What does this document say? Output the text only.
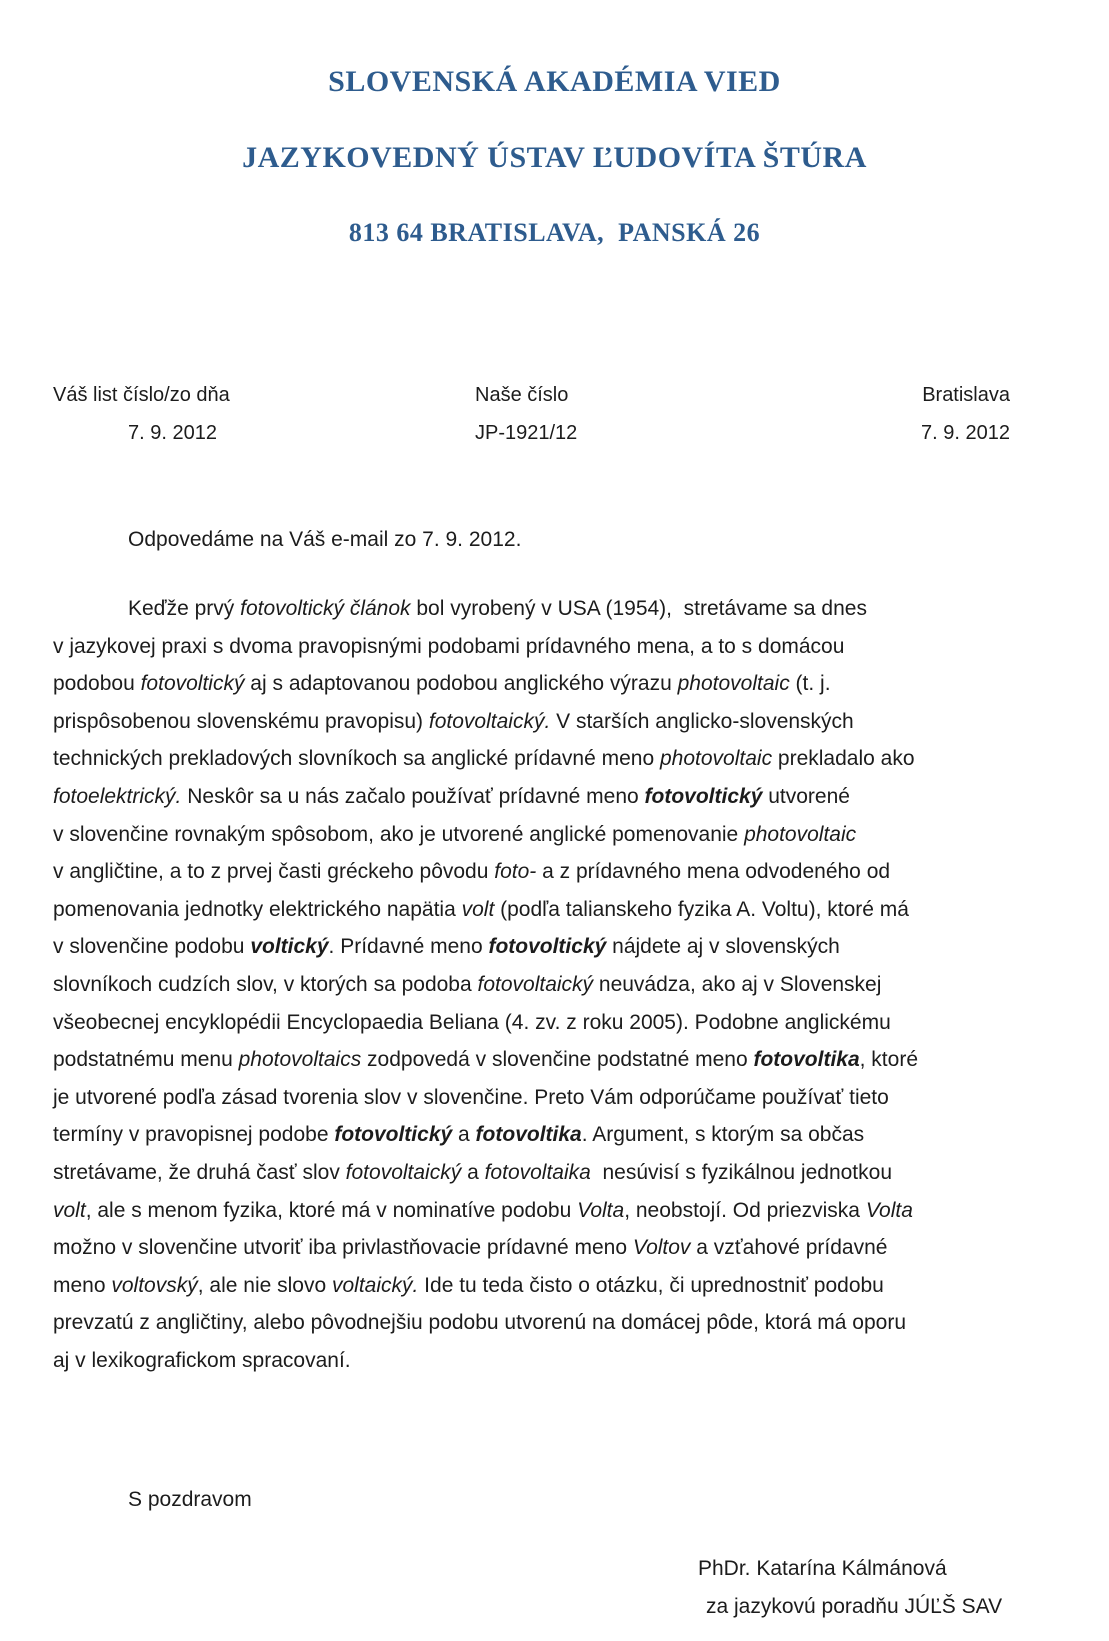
SLOVENSKÁ AKADÉMIA VIED

JAZYKOVEDNÝ ÚSTAV ĽUDOVÍTA ŠTÚRA

813 64 BRATISLAVA,  PANSKÁ 26

Váš list číslo/zo dňa
7. 9. 2012
Naše číslo
JP-1921/12
Bratislava
7. 9. 2012
Odpovedáme na Váš e-mail zo 7. 9. 2012.
Keďže prvý fotovoltický článok bol vyrobený v USA (1954),  stretávame sa dnes
v jazykovej praxi s dvoma pravopisnými podobami prídavného mena, a to s domácou
podobou fotovoltický aj s adaptovanou podobou anglického výrazu photovoltaic (t. j.
prispôsobenou slovenskému pravopisu) fotovoltaický. V starších anglicko-slovenských
technických prekladových slovníkoch sa anglické prídavné meno photovoltaic prekladalo ako
fotoelektrický. Neskôr sa u nás začalo používať prídavné meno fotovoltický utvorené
v slovenčine rovnakým spôsobom, ako je utvorené anglické pomenovanie photovoltaic
v angličtine, a to z prvej časti gréckeho pôvodu foto- a z prídavného mena odvodeného od
pomenovania jednotky elektrického napätia volt (podľa talianskeho fyzika A. Voltu), ktoré má
v slovenčine podobu voltický. Prídavné meno fotovoltický nájdete aj v slovenských
slovníkoch cudzích slov, v ktorých sa podoba fotovoltaický neuvádza, ako aj v Slovenskej
všeobecnej encyklopédii Encyclopaedia Beliana (4. zv. z roku 2005). Podobne anglickému
podstatnému menu photovoltaics zodpovedá v slovenčine podstatné meno fotovoltika, ktoré
je utvorené podľa zásad tvorenia slov v slovenčine. Preto Vám odporúčame používať tieto
termíny v pravopisnej podobe fotovoltický a fotovoltika. Argument, s ktorým sa občas
stretávame, že druhá časť slov fotovoltaický a fotovoltaika  nesúvisí s fyzikálnou jednotkou
volt, ale s menom fyzika, ktoré má v nominatíve podobu Volta, neobstojí. Od priezviska Volta
možno v slovenčine utvoriť iba privlastňovacie prídavné meno Voltov a vzťahové prídavné
meno voltovský, ale nie slovo voltaický. Ide tu teda čisto o otázku, či uprednostniť podobu
prevzatú z angličtiny, alebo pôvodnejšiu podobu utvorenú na domácej pôde, ktorá má oporu
aj v lexikografickom spracovaní.
S pozdravom
PhDr. Katarína Kálmánová
za jazykovú poradňu JÚĽŠ SAV
